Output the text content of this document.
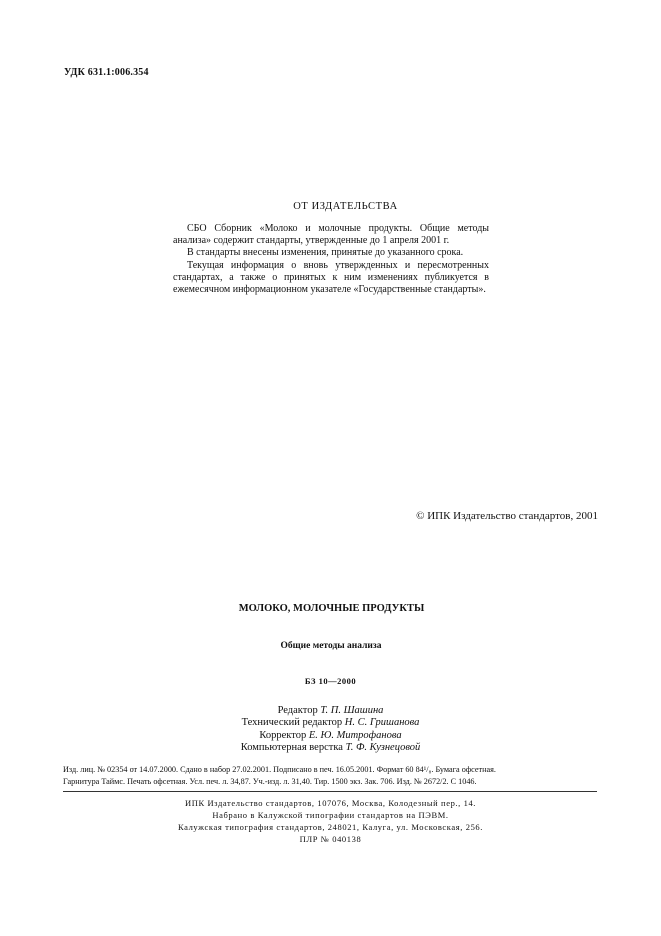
УДК 631.1:006.354
ОТ ИЗДАТЕЛЬСТВА

СБО Сборник «Молоко и молочные продукты. Общие методы анализа» содержит стандарты, утвержденные до 1 апреля 2001 г.

В стандарты внесены изменения, принятые до указанного срока.

Текущая информация о вновь утвержденных и пересмотренных стандартах, а также о принятых к ним изменениях публикуется в ежемесячном информационном указателе «Государственные стандарты».

© ИПК Издательство стандартов, 2001
МОЛОКО, МОЛОЧНЫЕ ПРОДУКТЫ
Общие методы анализа
БЗ 10—2000
Редактор Т. П. Шашина
Технический редактор Н. С. Гришанова
Корректор Е. Ю. Митрофанова
Компьютерная верстка Т. Ф. Кузнецовой

Изд. лиц. № 02354 от 14.07.2000. Сдано в набор 27.02.2001. Подписано в печ. 16.05.2001. Формат 60 84¹/₈. Бумага офсетная.

Гарнитура Таймс. Печать офсетная. Усл. печ. л. 34,87. Уч.-изд. л. 31,40. Тир. 1500 экз. Зак. 706. Изд. № 2672/2. С 1046.

ИПК Издательство стандартов, 107076, Москва, Колодезный пер., 14.
Набрано в Калужской типографии стандартов на ПЭВМ.
Калужская типография стандартов, 248021, Калуга, ул. Московская, 256.
ПЛР № 040138
